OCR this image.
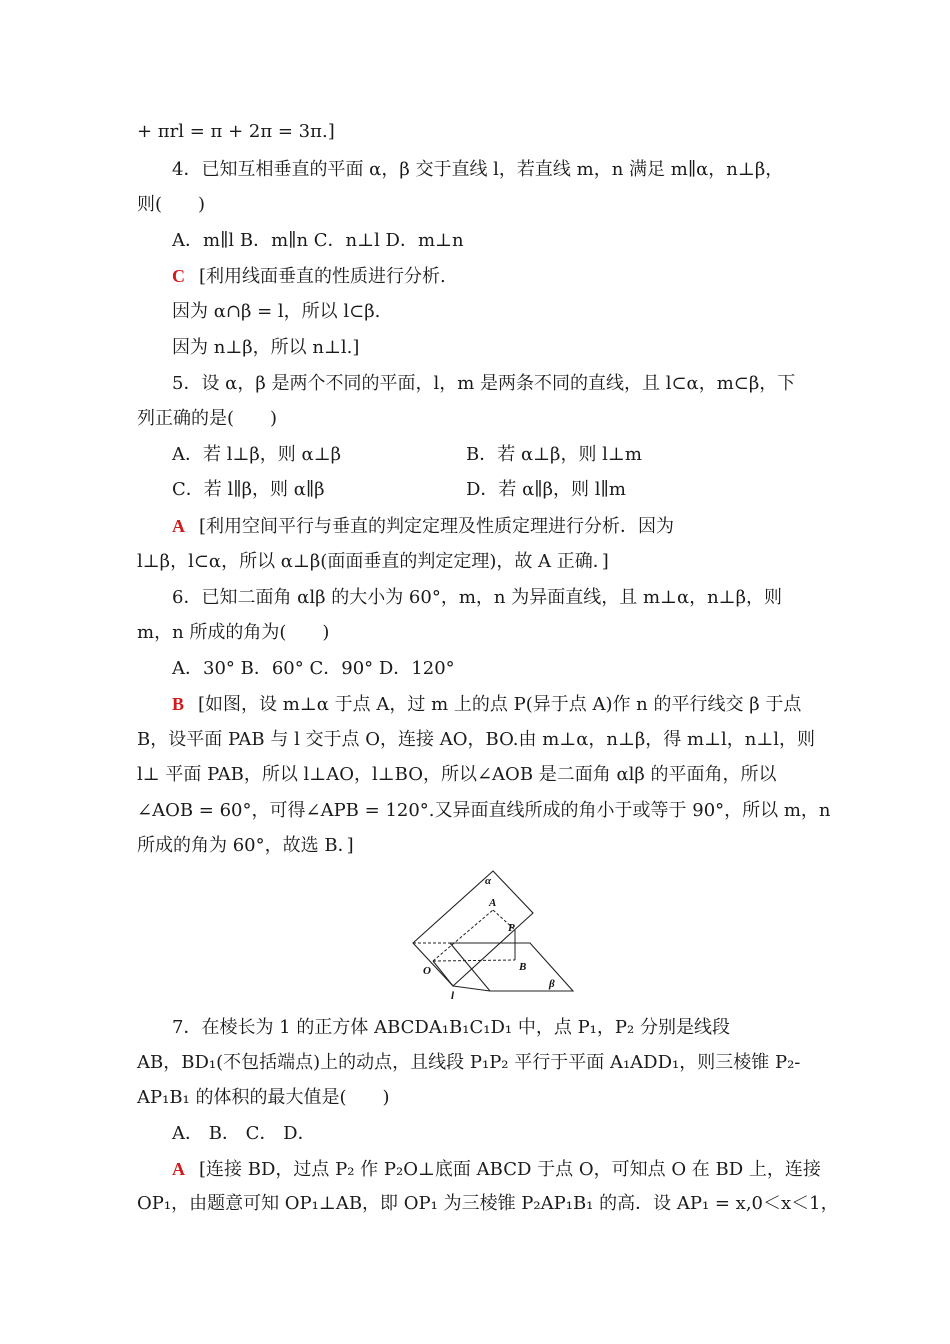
+ πrl = π + 2π = 3π.]
4．已知互相垂直的平面 α，β 交于直线 l，若直线 m，n 满足 m∥α，n⊥β，
则(　　)
A．m∥l B．m∥n C．n⊥l D．m⊥n
C [利用线面垂直的性质进行分析.
因为 α∩β = l，所以 l⊂β.
因为 n⊥β，所以 n⊥l.]
5．设 α，β 是两个不同的平面，l，m 是两条不同的直线，且 l⊂α，m⊂β，下
列正确的是(　　)
A．若 l⊥β，则 α⊥β	B．若 α⊥β，则 l⊥m
C．若 l∥β，则 α∥β	D．若 α∥β，则 l∥m
A [利用空间平行与垂直的判定定理及性质定理进行分析．因为
l⊥β，l⊂α，所以 α⊥β(面面垂直的判定定理)，故 A 正确．]
6．已知二面角 αlβ 的大小为 60°，m，n 为异面直线，且 m⊥α，n⊥β，则
m，n 所成的角为(　　)
A．30° B．60° C．90° D．120°
B [如图，设 m⊥α 于点 A，过 m 上的点 P(异于点 A)作 n 的平行线交 β 于点
B，设平面 PAB 与 l 交于点 O，连接 AO，BO.由 m⊥α，n⊥β，得 m⊥l，n⊥l，则
l⊥ 平面 PAB，所以 l⊥AO，l⊥BO，所以∠AOB 是二面角 αlβ 的平面角，所以
∠AOB = 60°，可得∠APB = 120°.又异面直线所成的角小于或等于 90°，所以 m，n
所成的角为 60°，故选 B．]
α
A
P
O	B
β
l
7．在棱长为 1 的正方体 ABCDA₁B₁C₁D₁ 中，点 P₁，P₂ 分别是线段
AB，BD₁(不包括端点)上的动点，且线段 P₁P₂ 平行于平面 A₁ADD₁，则三棱锥 P₂-
AP₁B₁ 的体积的最大值是(　　)
A． B． C． D．
A [连接 BD，过点 P₂ 作 P₂O⊥底面 ABCD 于点 O，可知点 O 在 BD 上，连接
OP₁，由题意可知 OP₁⊥AB，即 OP₁ 为三棱锥 P₂AP₁B₁ 的高．设 AP₁ = x,0＜x＜1，
